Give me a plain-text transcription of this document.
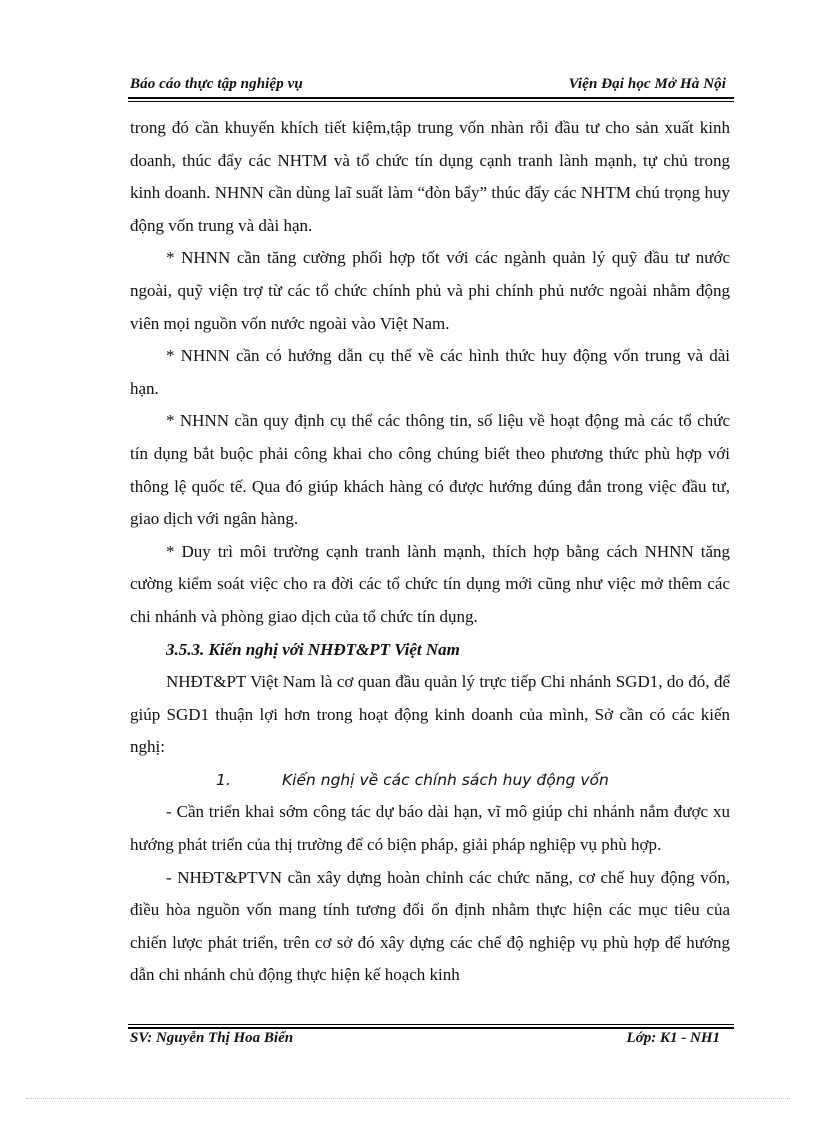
Báo cáo thực tập nghiệp vụ	Viện Đại học Mở Hà Nội

trong đó cần khuyến khích tiết kiệm,tập trung vốn nhàn rỗi đầu tư cho sản xuất kinh doanh, thúc đẩy các NHTM và tổ chức tín dụng cạnh tranh lành mạnh, tự chủ trong kinh doanh. NHNN cần dùng laĩ suất làm “đòn bẩy” thúc đẩy các NHTM chú trọng huy động vốn trung và dài hạn.

* NHNN cần tăng cường phối hợp tốt với các ngành quản lý quỹ đầu tư nước ngoài, quỹ viện trợ từ các tổ chức chính phủ và phi chính phủ nước ngoài nhằm động viên mọi nguồn vốn nước ngoài vào Việt Nam.

* NHNN cần có hướng dẫn cụ thể về các hình thức huy động vốn trung và dài hạn.

* NHNN cần quy định cụ thể các thông tin, số liệu về hoạt động mà các tổ chức tín dụng bắt buộc phải công khai cho công chúng biết theo phương thức phù hợp với thông lệ quốc tế. Qua đó giúp khách hàng có được hướng đúng đắn trong việc đầu tư, giao dịch với ngân hàng.

* Duy trì môi trường cạnh tranh lành mạnh, thích hợp bằng cách NHNN tăng cường kiểm soát việc cho ra đời các tổ chức tín dụng mới cũng như việc mở thêm các chi nhánh và phòng giao dịch của tổ chức tín dụng.

3.5.3. Kiến nghị với NHĐT&PT Việt Nam

NHĐT&PT Việt Nam là cơ quan đầu quản lý trực tiếp Chi nhánh SGD1, do đó, để giúp SGD1 thuận lợi hơn trong hoạt động kinh doanh của mình, Sở cần có các kiến nghị:

1.	Kiến nghị về các chính sách huy động vốn

- Cần triển khai sớm công tác dự báo dài hạn, vĩ mô giúp chi nhánh nắm được xu hướng phát triển của thị trường để có biện pháp, giải pháp nghiệp vụ phù hợp.

- NHĐT&PTVN cần xây dựng hoàn chỉnh các chức năng, cơ chế huy động vốn, điều hòa nguồn vốn mang tính tương đối ổn định nhằm thực hiện các mục tiêu của chiến lược phát triển, trên cơ sở đó xây dựng các chế độ nghiệp vụ phù hợp để hướng dẫn chi nhánh chủ động thực hiện kế hoạch kinh

SV: Nguyễn Thị Hoa Biển	Lớp: K1 - NH1
